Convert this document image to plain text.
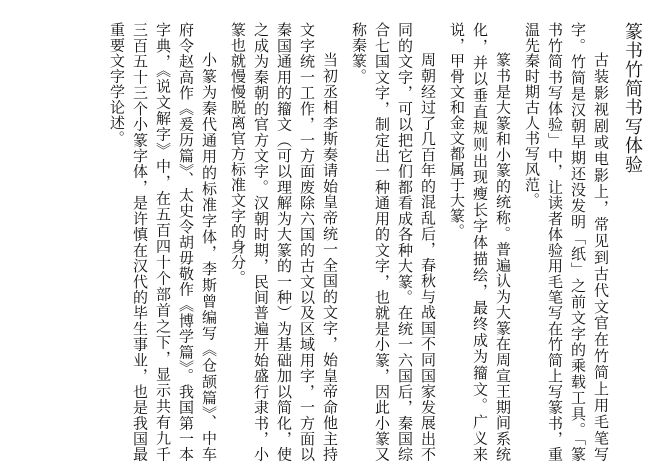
篆书竹简书写体验

古装影视剧或电影上，常见到古代文官在竹简上用毛笔写字。竹简是汉朝早期还没发明「纸」之前文字的乘载工具。「篆书竹简书写体验」中，让读者体验用毛笔写在竹简上写篆书，重温先秦时期古人书写风范。

篆书是大篆和小篆的统称。普遍认为大篆在周宣王期间系统化，并以垂直规则出现瘦长字体描绘，最终成为籀文。广义来说，甲骨文和金文都属于大篆。

周朝经过了几百年的混乱后，春秋与战国不同国家发展出不同的文字，可以把它们都看成各种大篆。在统一六国后，秦国综合七国文字，制定出一种通用的文字，也就是小篆，因此小篆又称秦篆。

当初丞相李斯奏请始皇帝统一全国的文字，始皇帝命他主持文字统一工作，一方面废除六国的古文以及区域用字，一方面以秦国通用的籀文（可以理解为大篆的一种）为基础加以简化，使之成为秦朝的官方文字。汉朝时期，民间普遍开始盛行隶书，小篆也就慢慢脱离官方标准文字的身分。

小篆为秦代通用的标准字体，李斯曾编写《仓颉篇》、中车府令赵高作《爰历篇》、太史令胡毋敬作《博学篇》。我国第一本字典，《说文解字》中，在五百四十个部首之下，显示共有九千三百五十三个小篆字体，是许慎在汉代的毕生事业，也是我国最重要文字学论述。
